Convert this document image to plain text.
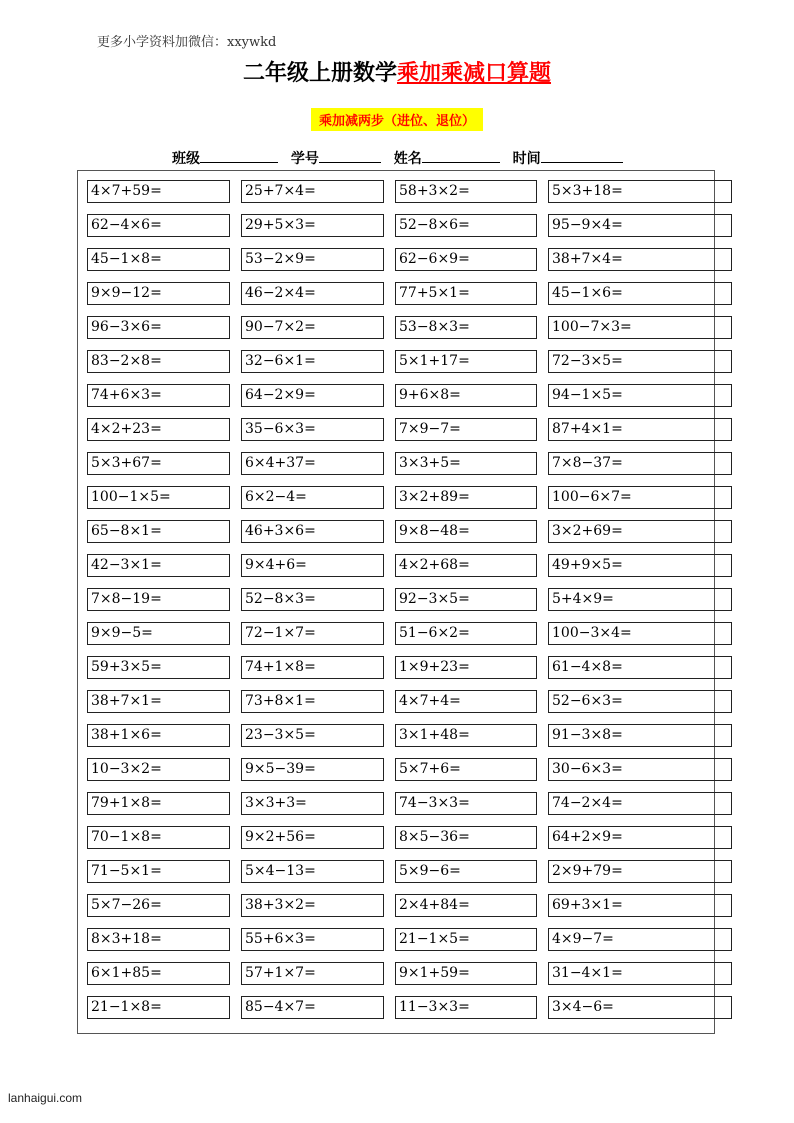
更多小学资料加微信：xxywkd
二年级上册数学乘加乘减口算题
乘加减两步（进位、退位）
班级	学号	姓名	时间
4×7+59=	25+7×4=	58+3×2=	5×3+18=
62−4×6=	29+5×3=	52−8×6=	95−9×4=
45−1×8=	53−2×9=	62−6×9=	38+7×4=
9×9−12=	46−2×4=	77+5×1=	45−1×6=
96−3×6=	90−7×2=	53−8×3=	100−7×3=
83−2×8=	32−6×1=	5×1+17=	72−3×5=
74+6×3=	64−2×9=	9+6×8=	94−1×5=
4×2+23=	35−6×3=	7×9−7=	87+4×1=
5×3+67=	6×4+37=	3×3+5=	7×8−37=
100−1×5=	6×2−4=	3×2+89=	100−6×7=
65−8×1=	46+3×6=	9×8−48=	3×2+69=
42−3×1=	9×4+6=	4×2+68=	49+9×5=
7×8−19=	52−8×3=	92−3×5=	5+4×9=
9×9−5=	72−1×7=	51−6×2=	100−3×4=
59+3×5=	74+1×8=	1×9+23=	61−4×8=
38+7×1=	73+8×1=	4×7+4=	52−6×3=
38+1×6=	23−3×5=	3×1+48=	91−3×8=
10−3×2=	9×5−39=	5×7+6=	30−6×3=
79+1×8=	3×3+3=	74−3×3=	74−2×4=
70−1×8=	9×2+56=	8×5−36=	64+2×9=
71−5×1=	5×4−13=	5×9−6=	2×9+79=
5×7−26=	38+3×2=	2×4+84=	69+3×1=
8×3+18=	55+6×3=	21−1×5=	4×9−7=
6×1+85=	57+1×7=	9×1+59=	31−4×1=
21−1×8=	85−4×7=	11−3×3=	3×4−6=
lanhaigui.com
